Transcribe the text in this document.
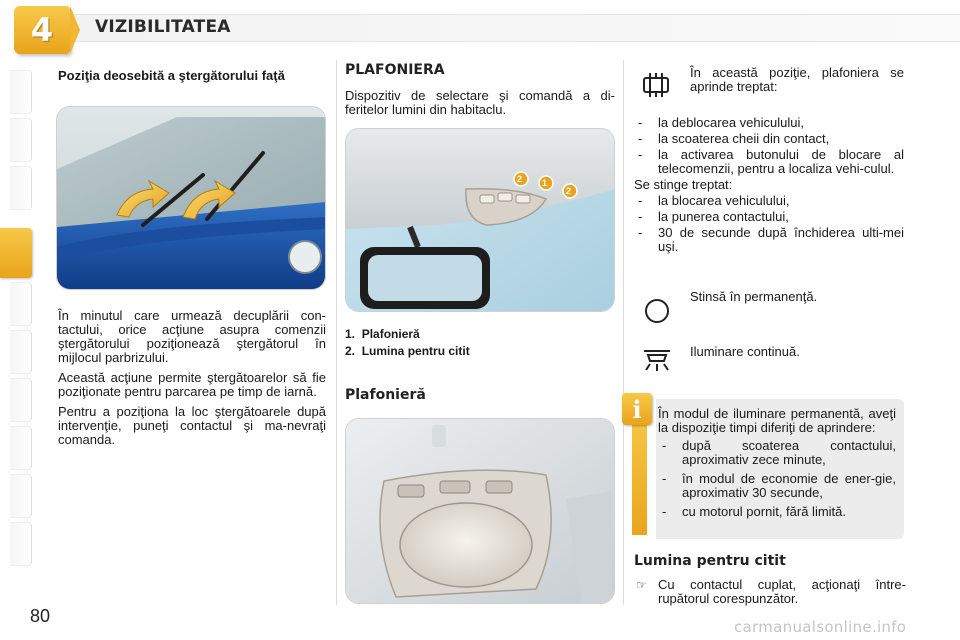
4 VIZIBILITATEA
Poziţia deosebită a ştergătorului faţă

În minutul care urmează decuplării con-tactului, orice acţiune asupra comenzii ştergătorului poziţionează ştergătorul în mijlocul parbrizului.

Această acţiune permite ştergătoarelor să fie poziţionate pentru parcarea pe timp de iarnă.

Pentru a poziţiona la loc ştergătoarele după intervenţie, puneţi contactul şi ma-nevraţi comanda.

PLAFONIERA
Dispozitiv de selectare şi comandă a di-feritelor lumini din habitaclu.
2 1
2
1. Plafonieră
2. Lumina pentru citit
Plafonieră
În această poziţie, plafoniera se aprinde treptat:
- la deblocarea vehiculului,
- la scoaterea cheii din contact,
- la activarea butonului de blocare al telecomenzii, pentru a localiza vehi-culul.
Se stinge treptat:
- la blocarea vehiculului,
- la punerea contactului,
- 30 de secunde după închiderea ulti-mei uşi.
Stinsă în permanenţă.
Iluminare continuă.
i	În modul de iluminare permanentă, aveţi la dispoziţie timpi diferiţi de aprindere:

- după scoaterea contactului, aproximativ zece minute,
- în modul de economie de ener-gie, aproximativ 30 secunde,
- cu motorul pornit, fără limită.
Lumina pentru citit
☞ Cu contactul cuplat, acţionaţi între-rupătorul corespunzător.
80
carmanualsonline.info
